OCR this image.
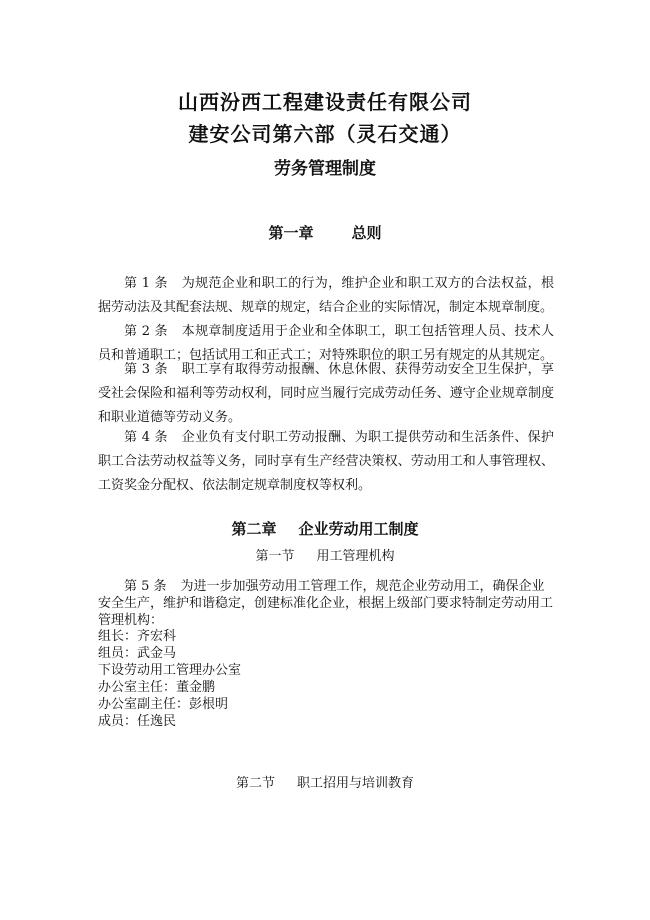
山西汾西工程建设责任有限公司
建安公司第六部（灵石交通）
劳务管理制度
第一章	总则
第 1 条 为规范企业和职工的行为，维护企业和职工双方的合法权益，根据劳动法及其配套法规、规章的规定，结合企业的实际情况，制定本规章制度。
第 2 条 本规章制度适用于企业和全体职工，职工包括管理人员、技术人员和普通职工；包括试用工和正式工；对特殊职位的职工另有规定的从其规定。
第 3 条 职工享有取得劳动报酬、休息休假、获得劳动安全卫生保护，享受社会保险和福利等劳动权利，同时应当履行完成劳动任务、遵守企业规章制度和职业道德等劳动义务。
第 4 条 企业负有支付职工劳动报酬、为职工提供劳动和生活条件、保护职工合法劳动权益等义务，同时享有生产经营决策权、劳动用工和人事管理权、工资奖金分配权、依法制定规章制度权等权利。
第二章 企业劳动用工制度
第一节 用工管理机构
第 5 条 为进一步加强劳动用工管理工作，规范企业劳动用工，确保企业安全生产，维护和谐稳定，创建标准化企业，根据上级部门要求特制定劳动用工管理机构：
组长：齐宏科
组员：武金马
下设劳动用工管理办公室
办公室主任：董金鹏
办公室副主任：彭根明
成员：任逸民
第二节 职工招用与培训教育
